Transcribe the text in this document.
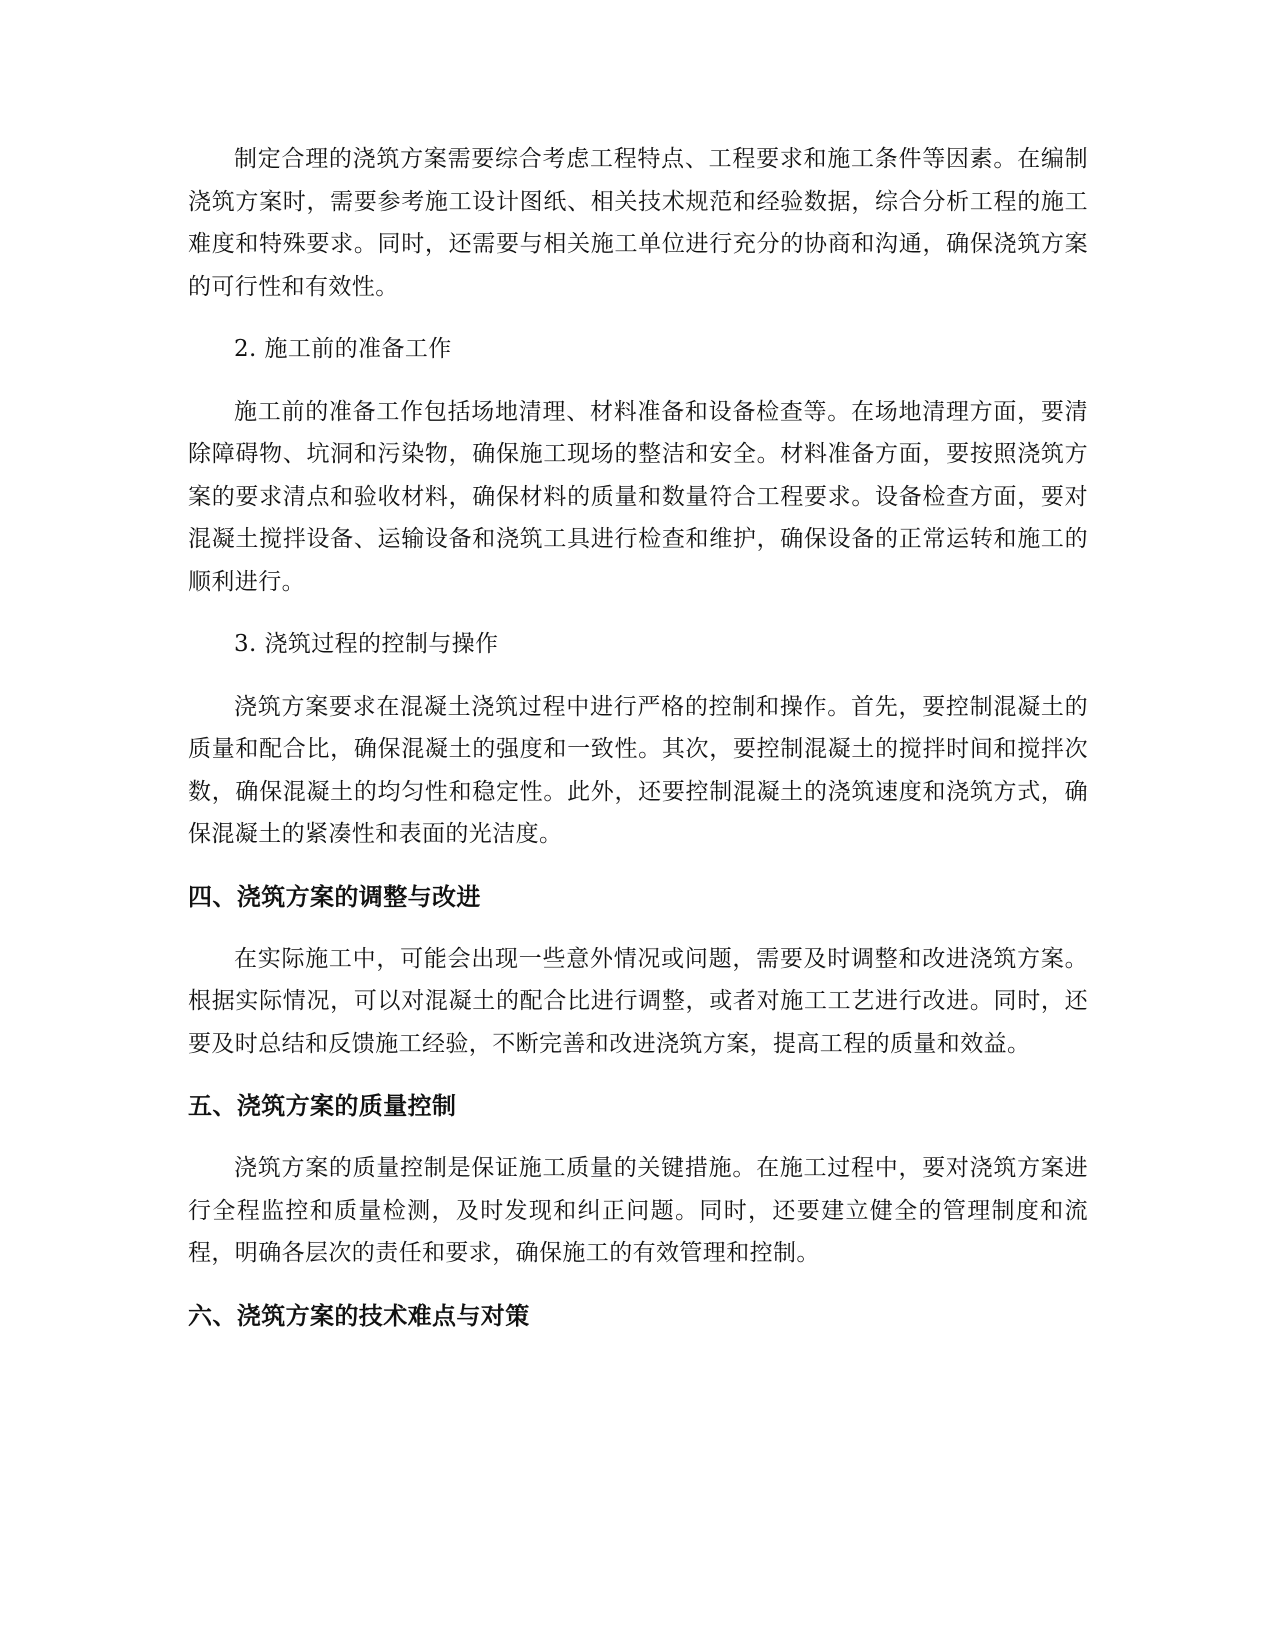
制定合理的浇筑方案需要综合考虑工程特点、工程要求和施工条件等因素。在编制浇筑方案时，需要参考施工设计图纸、相关技术规范和经验数据，综合分析工程的施工难度和特殊要求。同时，还需要与相关施工单位进行充分的协商和沟通，确保浇筑方案的可行性和有效性。

2. 施工前的准备工作

施工前的准备工作包括场地清理、材料准备和设备检查等。在场地清理方面，要清除障碍物、坑洞和污染物，确保施工现场的整洁和安全。材料准备方面，要按照浇筑方案的要求清点和验收材料，确保材料的质量和数量符合工程要求。设备检查方面，要对混凝土搅拌设备、运输设备和浇筑工具进行检查和维护，确保设备的正常运转和施工的顺利进行。

3. 浇筑过程的控制与操作

浇筑方案要求在混凝土浇筑过程中进行严格的控制和操作。首先，要控制混凝土的质量和配合比，确保混凝土的强度和一致性。其次，要控制混凝土的搅拌时间和搅拌次数，确保混凝土的均匀性和稳定性。此外，还要控制混凝土的浇筑速度和浇筑方式，确保混凝土的紧凑性和表面的光洁度。

四、浇筑方案的调整与改进

在实际施工中，可能会出现一些意外情况或问题，需要及时调整和改进浇筑方案。根据实际情况，可以对混凝土的配合比进行调整，或者对施工工艺进行改进。同时，还要及时总结和反馈施工经验，不断完善和改进浇筑方案，提高工程的质量和效益。

五、浇筑方案的质量控制

浇筑方案的质量控制是保证施工质量的关键措施。在施工过程中，要对浇筑方案进行全程监控和质量检测，及时发现和纠正问题。同时，还要建立健全的管理制度和流程，明确各层次的责任和要求，确保施工的有效管理和控制。

六、浇筑方案的技术难点与对策
